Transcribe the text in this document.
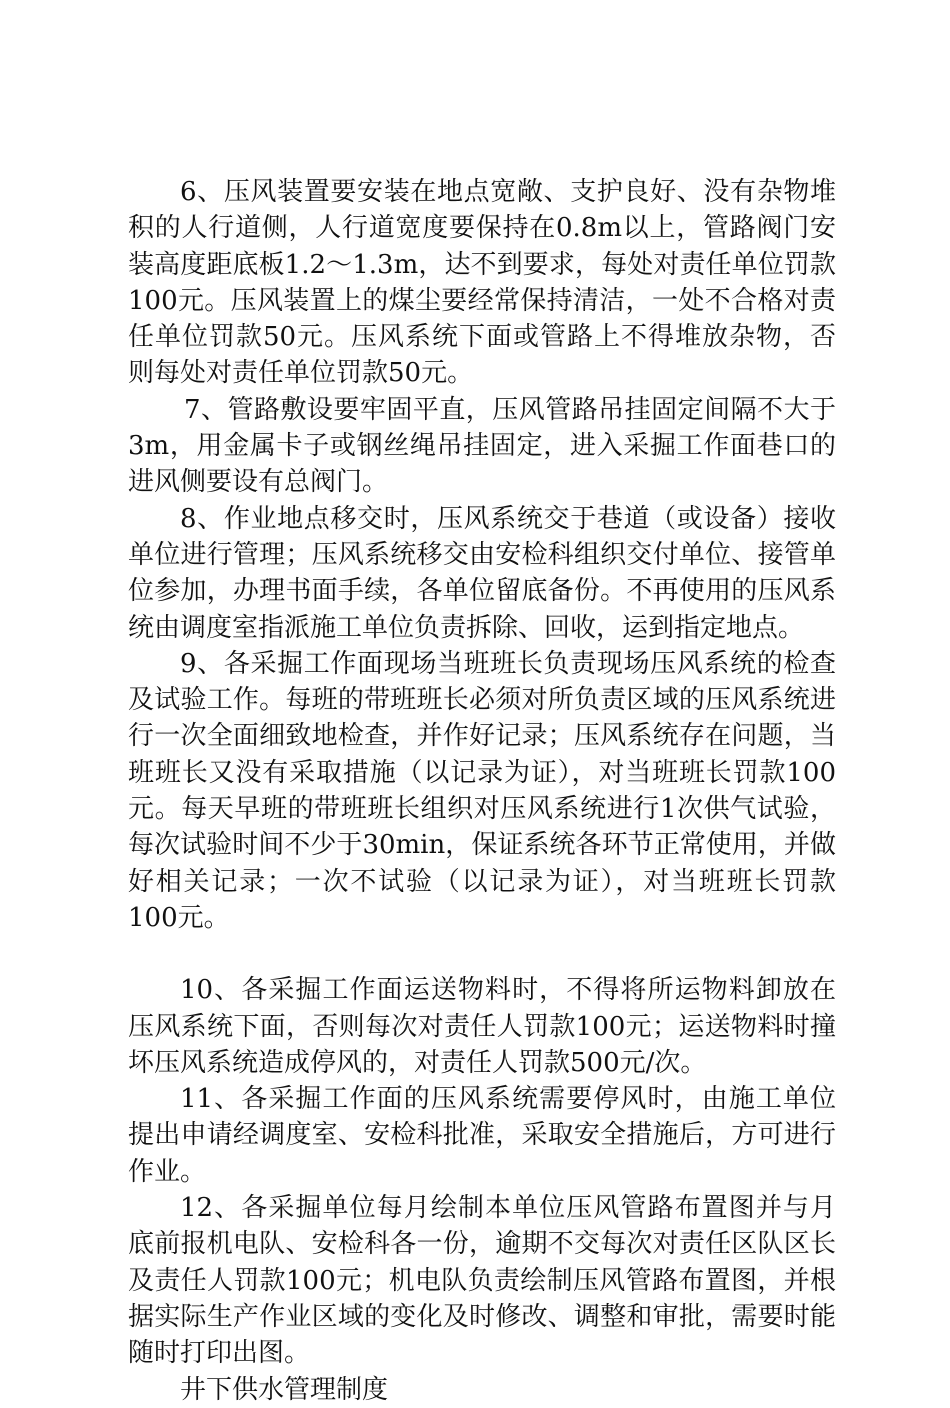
6、压风装置要安装在地点宽敞、支护良好、没有杂物堆积的人行道侧，人行道宽度要保持在0.8m以上，管路阀门安装高度距底板1.2～1.3m，达不到要求，每处对责任单位罚款100元。压风装置上的煤尘要经常保持清洁，一处不合格对责任单位罚款50元。压风系统下面或管路上不得堆放杂物，否则每处对责任单位罚款50元。

7、管路敷设要牢固平直，压风管路吊挂固定间隔不大于3m，用金属卡子或钢丝绳吊挂固定，进入采掘工作面巷口的进风侧要设有总阀门。

8、作业地点移交时，压风系统交于巷道（或设备）接收单位进行管理；压风系统移交由安检科组织交付单位、接管单位参加，办理书面手续，各单位留底备份。不再使用的压风系统由调度室指派施工单位负责拆除、回收，运到指定地点。

9、各采掘工作面现场当班班长负责现场压风系统的检查及试验工作。每班的带班班长必须对所负责区域的压风系统进行一次全面细致地检查，并作好记录；压风系统存在问题，当班班长又没有采取措施（以记录为证），对当班班长罚款100元。每天早班的带班班长组织对压风系统进行1次供气试验，每次试验时间不少于30min，保证系统各环节正常使用，并做好相关记录；一次不试验（以记录为证），对当班班长罚款100元。

10、各采掘工作面运送物料时，不得将所运物料卸放在压风系统下面，否则每次对责任人罚款100元；运送物料时撞坏压风系统造成停风的，对责任人罚款500元/次。

11、各采掘工作面的压风系统需要停风时，由施工单位提出申请经调度室、安检科批准，采取安全措施后，方可进行作业。

12、各采掘单位每月绘制本单位压风管路布置图并与月底前报机电队、安检科各一份，逾期不交每次对责任区队区长及责任人罚款100元；机电队负责绘制压风管路布置图，并根据实际生产作业区域的变化及时修改、调整和审批，需要时能随时打印出图。

井下供水管理制度
